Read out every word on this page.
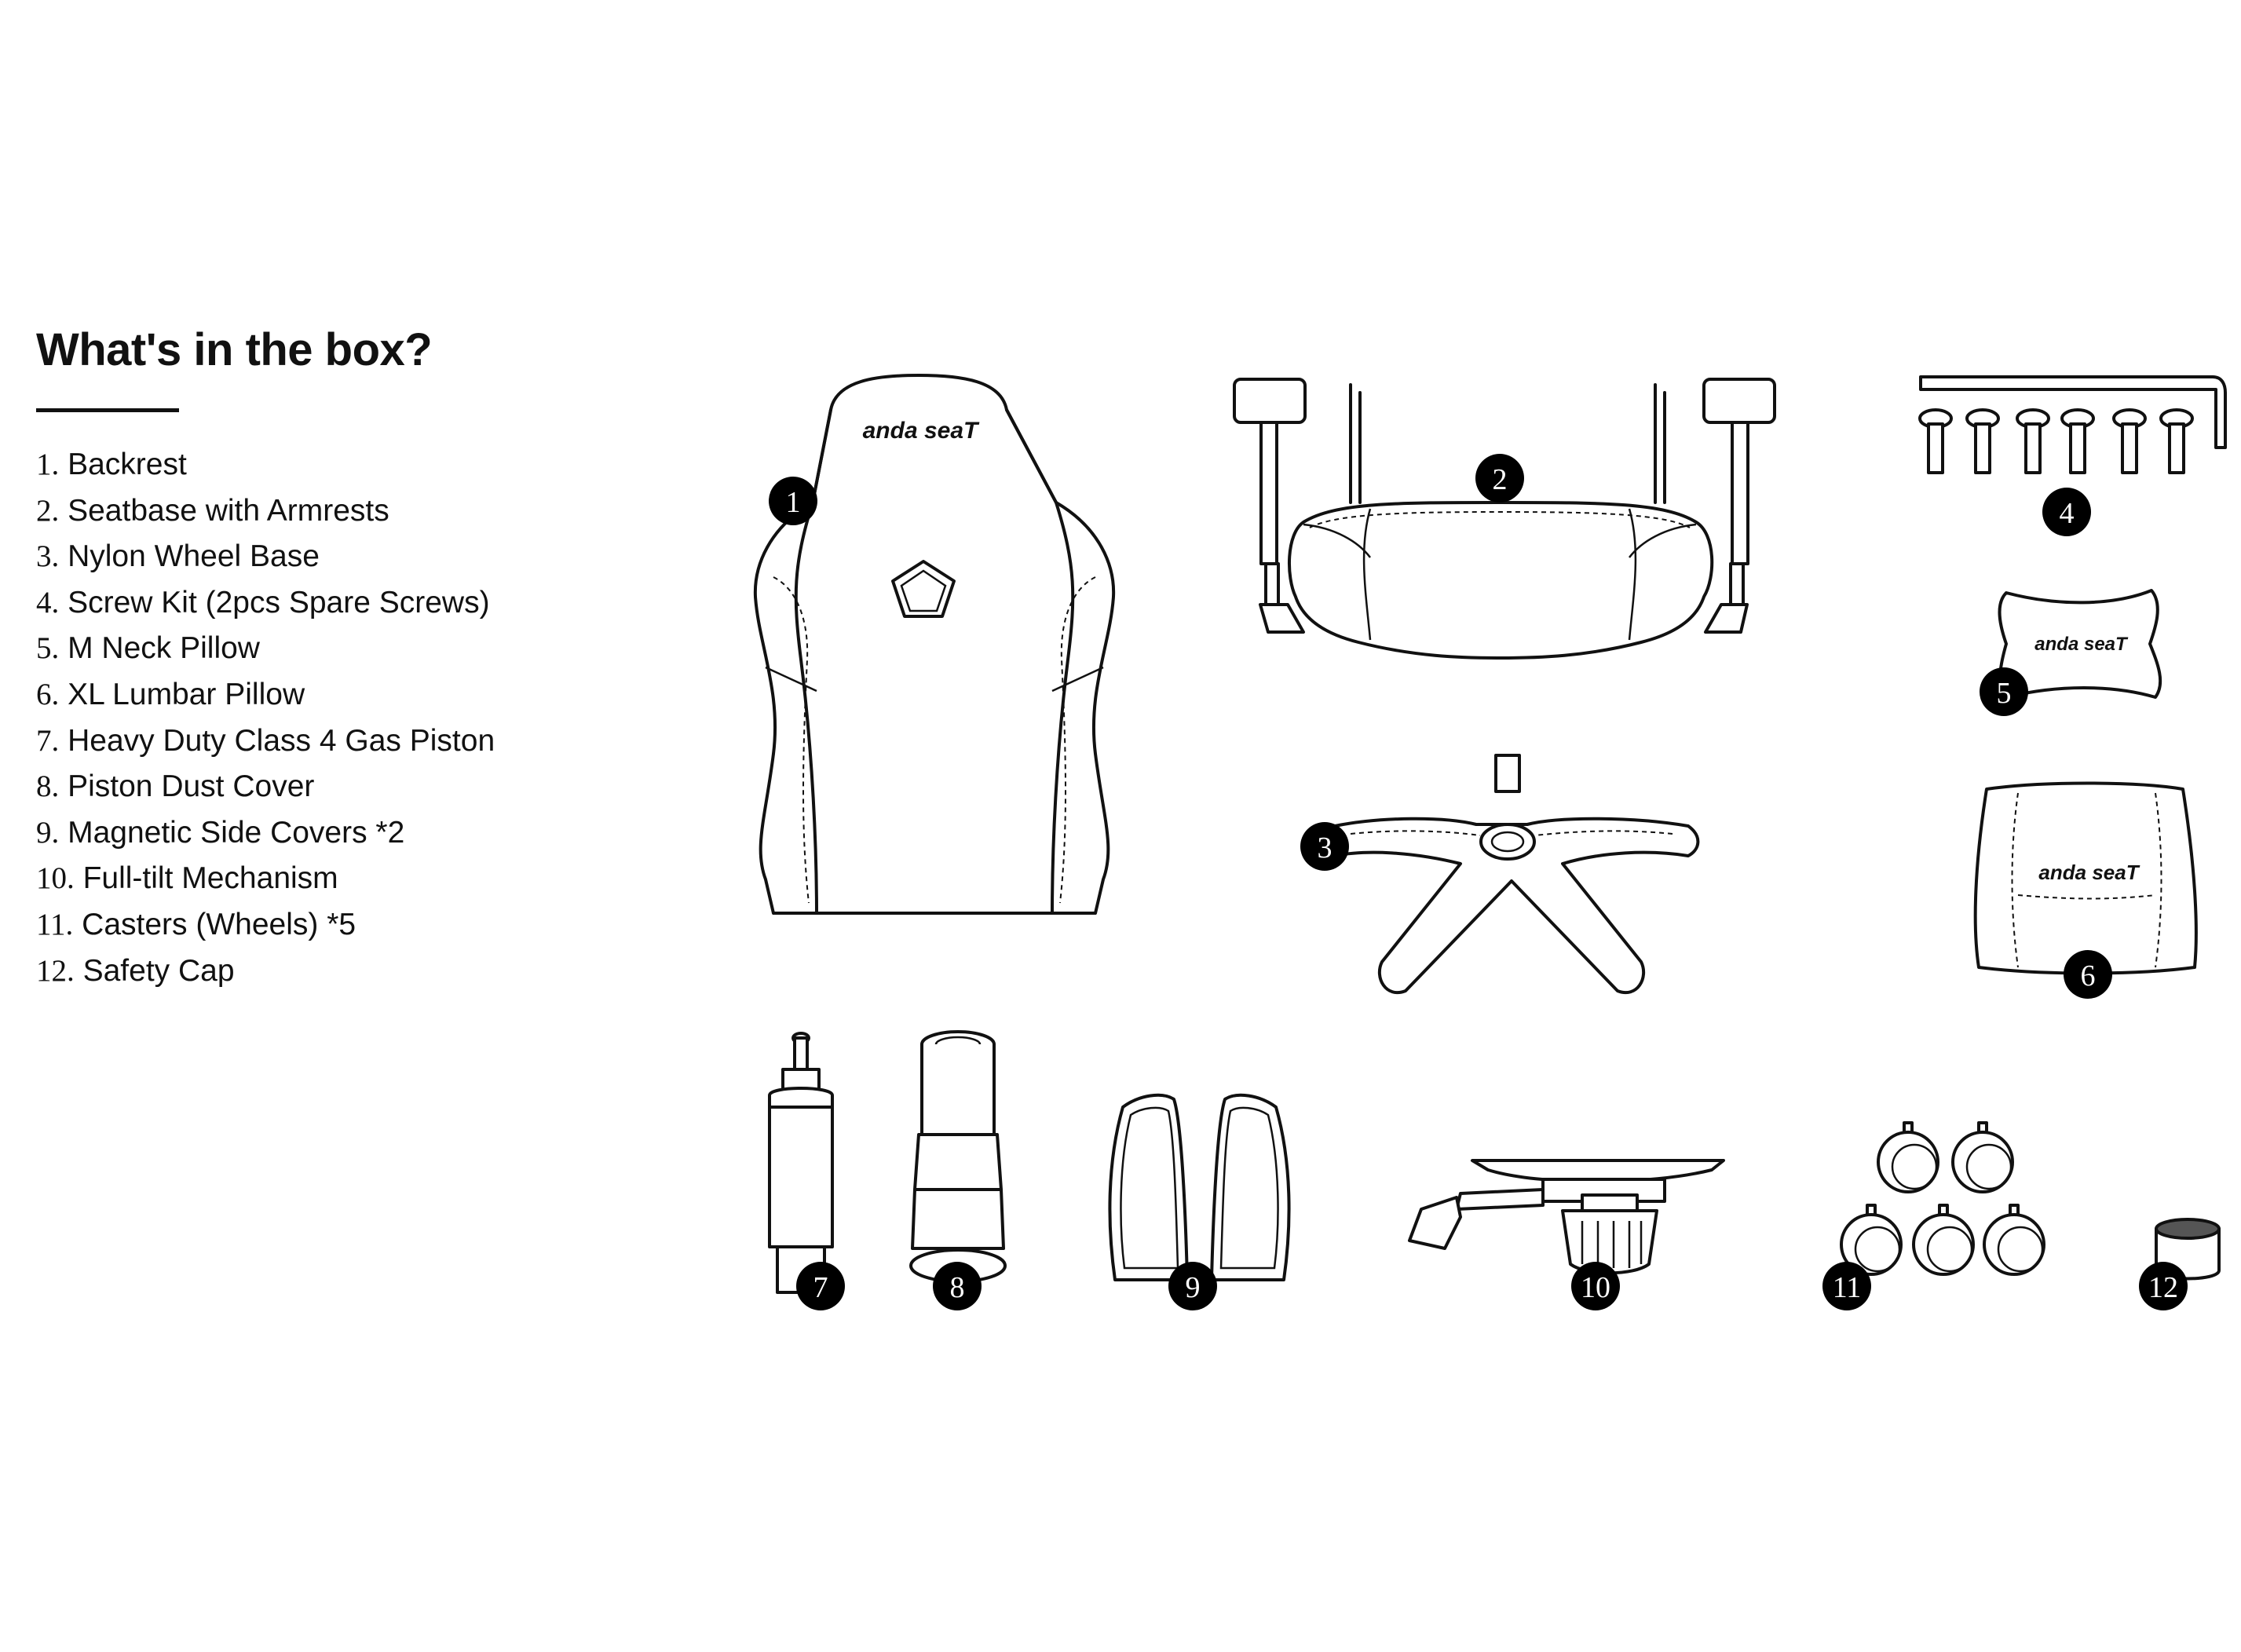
What's in the box?
1. Backrest
2. Seatbase with Armrests
3. Nylon Wheel Base
4. Screw Kit (2pcs Spare Screws)
5. M Neck Pillow
6. XL Lumbar Pillow
7. Heavy Duty Class 4 Gas Piston
8. Piston Dust Cover
9. Magnetic Side Covers *2
10. Full-tilt Mechanism
11. Casters (Wheels) *5
12. Safety Cap
anda seaT
anda seaT
anda seaT
1
2
3
4
5
6
7	8	9	10	11	12
